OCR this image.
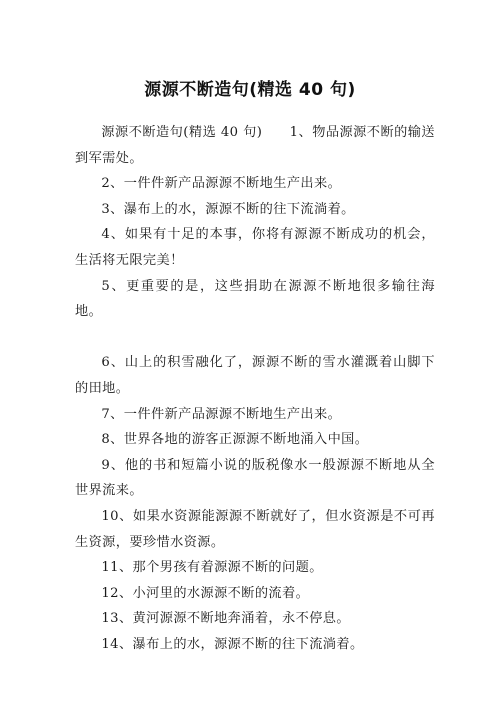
源源不断造句(精选 40 句)

源源不断造句(精选 40 句)　　1、物品源源不断的输送到军需处。

2、一件件新产品源源不断地生产出来。

3、瀑布上的水，源源不断的往下流淌着。

4、如果有十足的本事，你将有源源不断成功的机会，生活将无限完美！

5、更重要的是，这些捐助在源源不断地很多输往海地。

6、山上的积雪融化了，源源不断的雪水灌溉着山脚下的田地。

7、一件件新产品源源不断地生产出来。

8、世界各地的游客正源源不断地涌入中国。

9、他的书和短篇小说的版税像水一般源源不断地从全世界流来。

10、如果水资源能源源不断就好了，但水资源是不可再生资源，要珍惜水资源。

11、那个男孩有着源源不断的问题。

12、小河里的水源源不断的流着。

13、黄河源源不断地奔涌着，永不停息。

14、瀑布上的水，源源不断的往下流淌着。
